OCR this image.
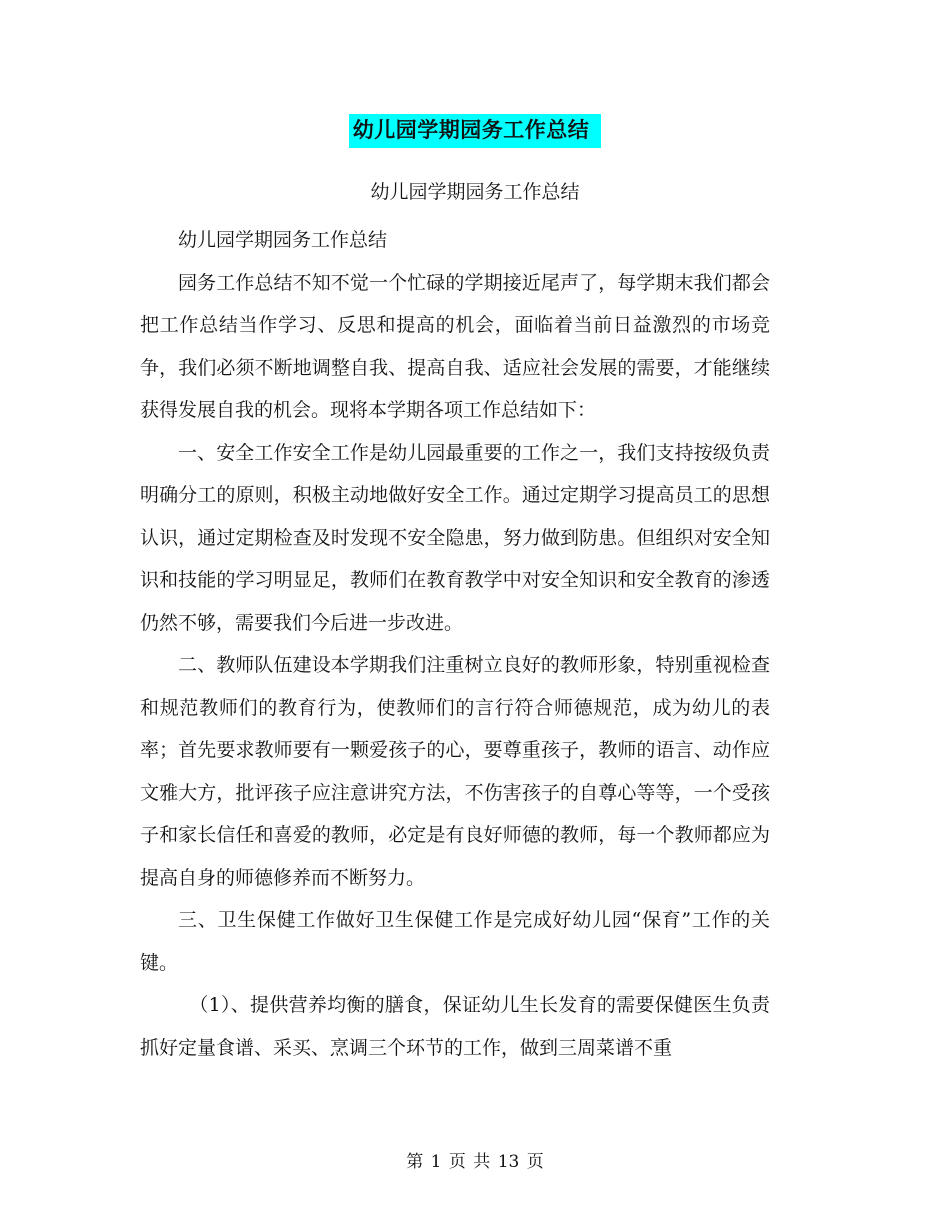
幼儿园学期园务工作总结
幼儿园学期园务工作总结

幼儿园学期园务工作总结

园务工作总结不知不觉一个忙碌的学期接近尾声了，每学期末我们都会把工作总结当作学习、反思和提高的机会，面临着当前日益激烈的市场竞争，我们必须不断地调整自我、提高自我、适应社会发展的需要，才能继续获得发展自我的机会。现将本学期各项工作总结如下：

一、安全工作安全工作是幼儿园最重要的工作之一，我们支持按级负责明确分工的原则，积极主动地做好安全工作。通过定期学习提高员工的思想认识，通过定期检查及时发现不安全隐患，努力做到防患。但组织对安全知识和技能的学习明显足，教师们在教育教学中对安全知识和安全教育的渗透仍然不够，需要我们今后进一步改进。

二、教师队伍建设本学期我们注重树立良好的教师形象，特别重视检查和规范教师们的教育行为，使教师们的言行符合师德规范，成为幼儿的表率；首先要求教师要有一颗爱孩子的心，要尊重孩子，教师的语言、动作应文雅大方，批评孩子应注意讲究方法，不伤害孩子的自尊心等等，一个受孩子和家长信任和喜爱的教师，必定是有良好师德的教师，每一个教师都应为提高自身的师德修养而不断努力。

三、卫生保健工作做好卫生保健工作是完成好幼儿园“保育”工作的关键。

（1）、提供营养均衡的膳食，保证幼儿生长发育的需要保健医生负责抓好定量食谱、采买、烹调三个环节的工作，做到三周菜谱不重

第 1 页 共 13 页
